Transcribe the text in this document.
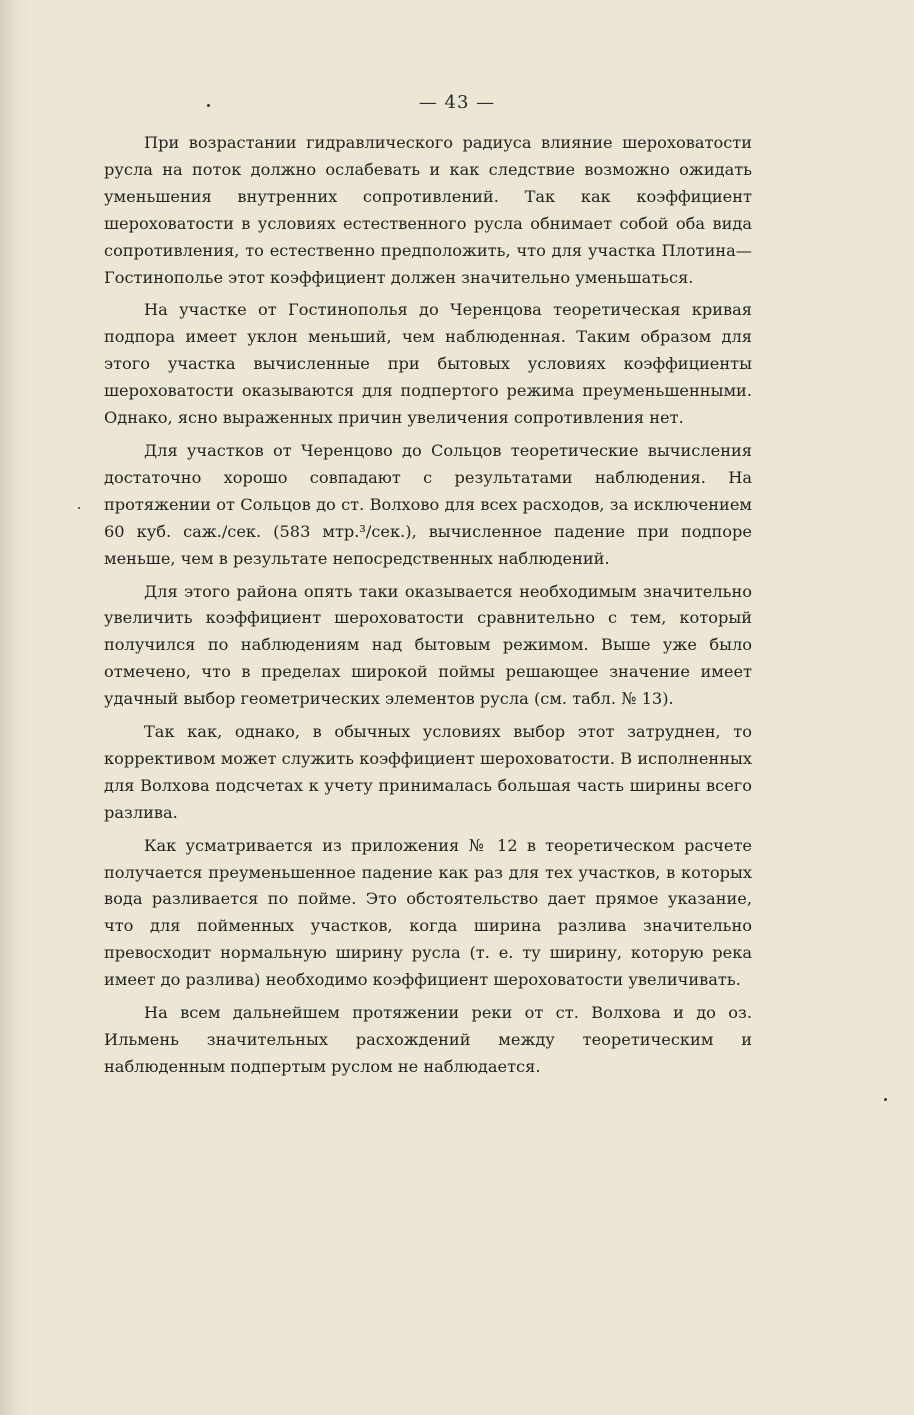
— 43 —

При возрастании гидравлического радиуса влияние шероховатости русла на поток должно ослабевать и как следствие возможно ожидать уменьшения внутренних сопротивлений. Так как коэффициент шероховатости в условиях естественного русла обнимает собой оба вида сопротивления, то естественно предположить, что для участка Плотина—Гостинополье этот коэффициент должен значительно уменьшаться.

На участке от Гостинополья до Черенцова теоретическая кривая подпора имеет уклон меньший, чем наблюденная. Таким образом для этого участка вычисленные при бытовых условиях коэффициенты шероховатости оказываются для подпертого режима преуменьшенными. Однако, ясно выраженных причин увеличения сопротивления нет.

Для участков от Черенцово до Сольцов теоретические вычисления достаточно хорошо совпадают с результатами наблюдения. На протяжении от Сольцов до ст. Волхово для всех расходов, за исключением 60 куб. саж./сек. (583 мтр.³/сек.), вычисленное падение при подпоре меньше, чем в результате непосредственных наблюдений.

Для этого района опять таки оказывается необходимым значительно увеличить коэффициент шероховатости сравнительно с тем, который получился по наблюдениям над бытовым режимом. Выше уже было отмечено, что в пределах широкой поймы решающее значение имеет удачный выбор геометрических элементов русла (см. табл. № 13).

Так как, однако, в обычных условиях выбор этот затруднен, то коррективом может служить коэффициент шероховатости. В исполненных для Волхова подсчетах к учету принималась большая часть ширины всего разлива.

Как усматривается из приложения № 12 в теоретическом расчете получается преуменьшенное падение как раз для тех участков, в которых вода разливается по пойме. Это обстоятельство дает прямое указание, что для пойменных участков, когда ширина разлива значительно превосходит нормальную ширину русла (т. е. ту ширину, которую река имеет до разлива) необходимо коэффициент шероховатости увеличивать.

На всем дальнейшем протяжении реки от ст. Волхова и до оз. Ильмень значительных расхождений между теоретическим и наблюденным подпертым руслом не наблюдается.
